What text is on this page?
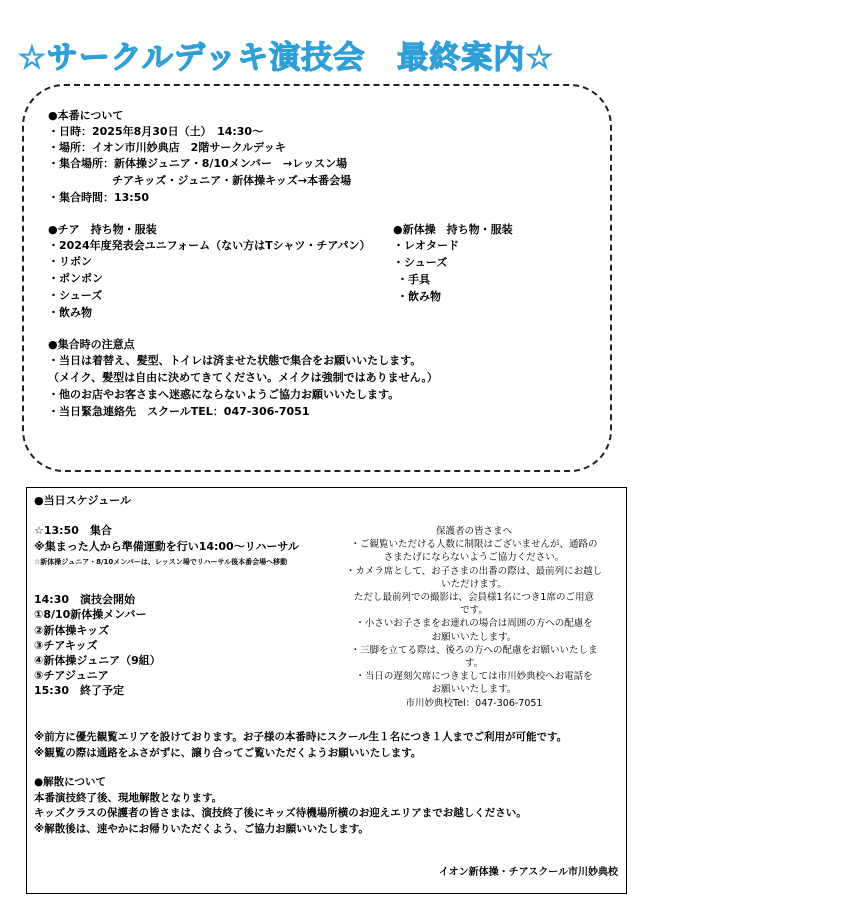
☆サークルデッキ演技会　最終案内☆
●本番について
・日時：2025年8月30日（土）　14:30～
・場所：イオン市川妙典店　2階サークルデッキ
・集合場所：新体操ジュニア・8/10メンバー　→レッスン場
チアキッズ・ジュニア・新体操キッズ→本番会場
・集合時間：13:50
●チア　持ち物・服装
・2024年度発表会ユニフォーム（ない方はTシャツ・チアパン）
・リボン
・ポンポン
・シューズ
・飲み物
●新体操　持ち物・服装
・レオタード
・シューズ
・手具
・飲み物
●集合時の注意点
・当日は着替え、髪型、トイレは済ませた状態で集合をお願いいたします。
（メイク、髪型は自由に決めてきてください。メイクは強制ではありません。）
・他のお店やお客さまへ迷惑にならないようご協力お願いいたします。
・当日緊急連絡先　スクールTEL：047-306-7051
●当日スケジュール
☆13:50　集合
※集まった人から準備運動を行い14:00～リハーサル
☆新体操ジュニア・8/10メンバーは、レッスン場でリハーサル後本番会場へ移動
14:30　演技会開始
①8/10新体操メンバー
②新体操キッズ
③チアキッズ
④新体操ジュニア（9組）
⑤チアジュニア
15:30　終了予定
保護者の皆さまへ
・ご観覧いただける人数に制限はございませんが、通路の
さまたげにならないようご協力ください。
・カメラ席として、お子さまの出番の際は、最前列にお越し
いただけます。
ただし最前列での撮影は、会員様1名につき1席のご用意
です。
・小さいお子さまをお連れの場合は周囲の方への配慮を
お願いいたします。
・三脚を立てる際は、後ろの方への配慮をお願いいたしま
す。
・当日の遅刻欠席につきましては市川妙典校へお電話を
お願いいたします。
市川妙典校Tel：047-306-7051
※前方に優先観覧エリアを設けております。お子様の本番時にスクール生１名につき１人までご利用が可能です。
※観覧の際は通路をふさがずに、譲り合ってご覧いただくようお願いいたします。
●解散について
本番演技終了後、現地解散となります。
キッズクラスの保護者の皆さまは、演技終了後にキッズ待機場所横のお迎えエリアまでお越しください。
※解散後は、速やかにお帰りいただくよう、ご協力お願いいたします。
イオン新体操・チアスクール市川妙典校
